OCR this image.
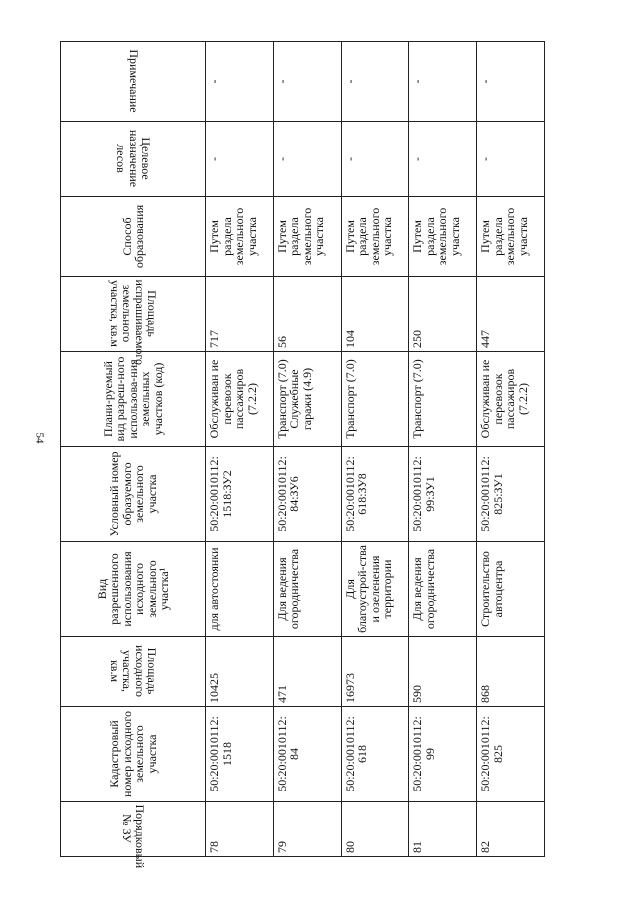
54
Порядковый № ЗУ	Кадастровый номер исходного земельного участка	Площадь исходного участка, кв.м	Вид разрешенного использования исходного земельного участка¹	Условный номер образуемого земельного участка	Плани-руемый вид разреш-ного использова-ния земельных участков (код)	Площадь испрашиваемого земельного участка, кв.м	Способ образования	Целевое назначение лесов	Примечание
78	50:20:0010112: 1518	10425	для автостоянки	50:20:0010112: 1518:ЗУ2	Обслуживан ие перевозок пассажиров (7.2.2)	717	Путем раздела земельного участка	-	-
79	50:20:0010112: 84	471	Для ведения огородничества	50:20:0010112: 84:ЗУ6	Транспорт (7.0) Служебные гаражи (4.9)	56	Путем раздела земельного участка	-	-
80	50:20:0010112: 618	16973	Для благоустрой-ства и озеленения территории	50:20:0010112: 618:ЗУ8	Транспорт (7.0)	104	Путем раздела земельного участка	-	-
81	50:20:0010112: 99	590	Для ведения огородничества	50:20:0010112: 99:ЗУ1	Транспорт (7.0)	250	Путем раздела земельного участка	-	-
82	50:20:0010112: 825	868	Строительство автоцентра	50:20:0010112: 825:ЗУ1	Обслуживан ие перевозок пассажиров (7.2.2)	447	Путем раздела земельного участка	-	-
